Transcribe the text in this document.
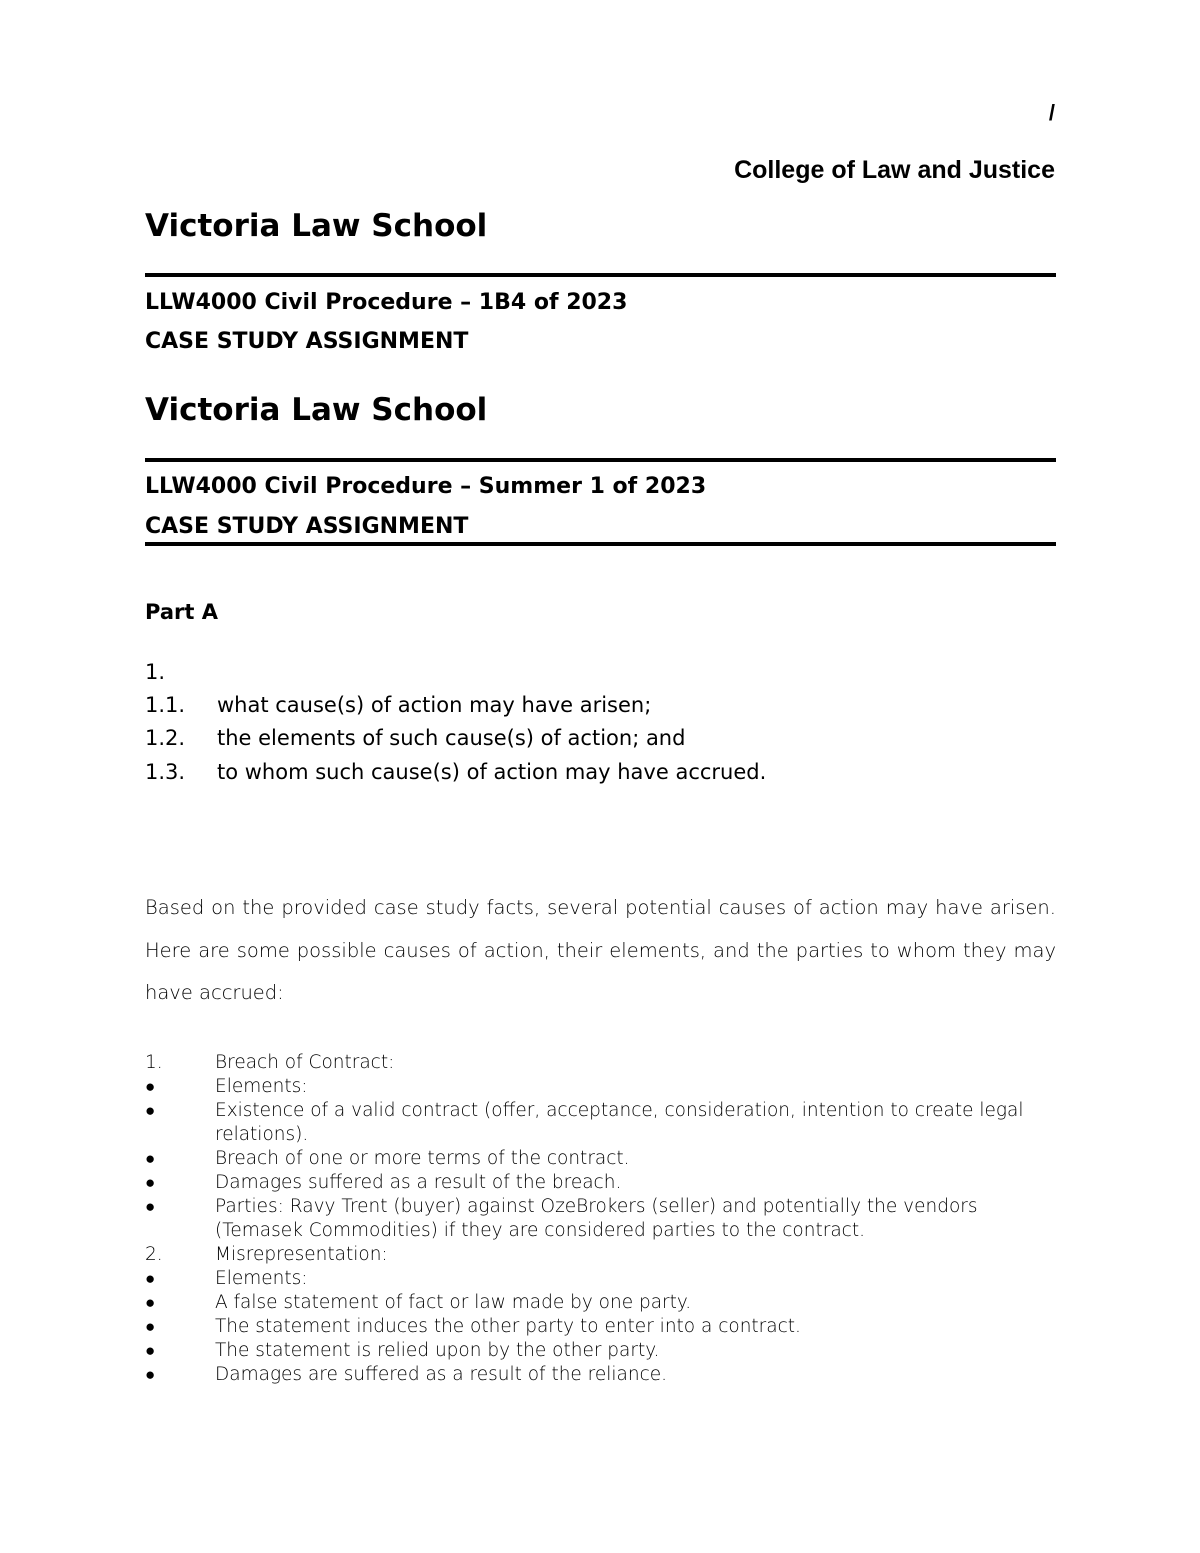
/
College of Law and Justice
Victoria Law School
LLW4000 Civil Procedure – 1B4 of 2023
CASE STUDY ASSIGNMENT
Victoria Law School
LLW4000 Civil Procedure – Summer 1 of 2023
CASE STUDY ASSIGNMENT
Part A
1.
1.1. what cause(s) of action may have arisen;
1.2. the elements of such cause(s) of action; and
1.3. to whom such cause(s) of action may have accrued.
Based on the provided case study facts, several potential causes of action may have arisen. Here are some possible causes of action, their elements, and the parties to whom they may have accrued:
1.	Breach of Contract:
●	Elements:
●	Existence of a valid contract (offer, acceptance, consideration, intention to create legal relations).
●	Breach of one or more terms of the contract.
●	Damages suffered as a result of the breach.
●	Parties: Ravy Trent (buyer) against OzeBrokers (seller) and potentially the vendors (Temasek Commodities) if they are considered parties to the contract.
2.	Misrepresentation:
●	Elements:
●	A false statement of fact or law made by one party.
●	The statement induces the other party to enter into a contract.
●	The statement is relied upon by the other party.
●	Damages are suffered as a result of the reliance.
